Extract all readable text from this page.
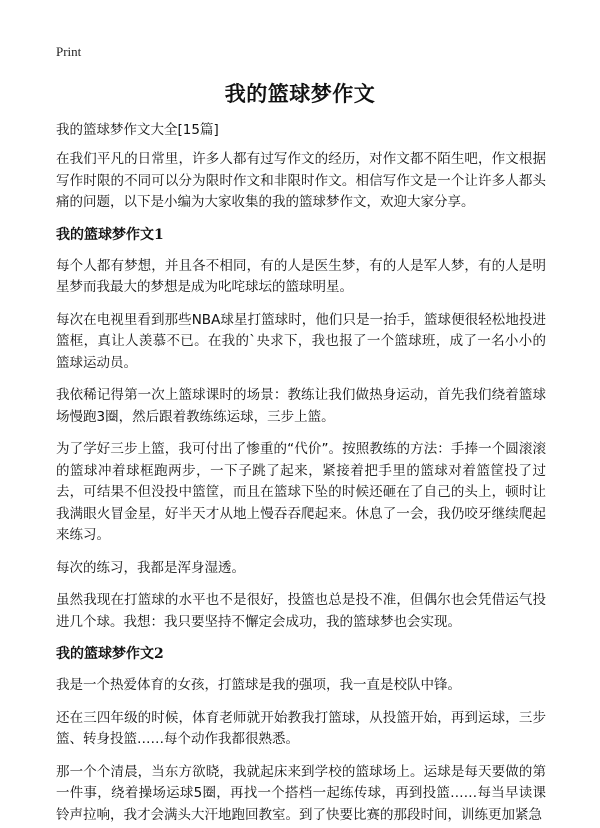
Print
我的篮球梦作文

我的篮球梦作文大全[15篇]

在我们平凡的日常里，许多人都有过写作文的经历，对作文都不陌生吧，作文根据写作时限的不同可以分为限时作文和非限时作文。相信写作文是一个让许多人都头痛的问题，以下是小编为大家收集的我的篮球梦作文，欢迎大家分享。

我的篮球梦作文1

每个人都有梦想，并且各不相同，有的人是医生梦，有的人是军人梦，有的人是明星梦而我最大的梦想是成为叱咤球坛的篮球明星。

每次在电视里看到那些NBA球星打篮球时，他们只是一抬手，篮球便很轻松地投进篮框，真让人羡慕不已。在我的`央求下，我也报了一个篮球班，成了一名小小的篮球运动员。

我依稀记得第一次上篮球课时的场景：教练让我们做热身运动，首先我们绕着篮球场慢跑3圈，然后跟着教练练运球，三步上篮。

为了学好三步上篮，我可付出了惨重的“代价”。按照教练的方法：手捧一个圆滚滚的篮球冲着球框跑两步，一下子跳了起来，紧接着把手里的篮球对着篮筐投了过去，可结果不但没投中篮筐，而且在篮球下坠的时候还砸在了自己的头上，顿时让我满眼火冒金星，好半天才从地上慢吞吞爬起来。休息了一会，我仍咬牙继续爬起来练习。

每次的练习，我都是浑身湿透。

虽然我现在打篮球的水平也不是很好，投篮也总是投不准，但偶尔也会凭借运气投进几个球。我想：我只要坚持不懈定会成功，我的篮球梦也会实现。

我的篮球梦作文2

我是一个热爱体育的女孩，打篮球是我的强项，我一直是校队中锋。

还在三四年级的时候，体育老师就开始教我打篮球，从投篮开始，再到运球，三步篮、转身投篮……每个动作我都很熟悉。

那一个个清晨，当东方欲晓，我就起床来到学校的篮球场上。运球是每天要做的第一件事，绕着操场运球5圈，再找一个搭档一起练传球，再到投篮……每当早读课铃声拉响，我才会满头大汗地跑回教室。到了快要比赛的那段时间，训练更加紧急
